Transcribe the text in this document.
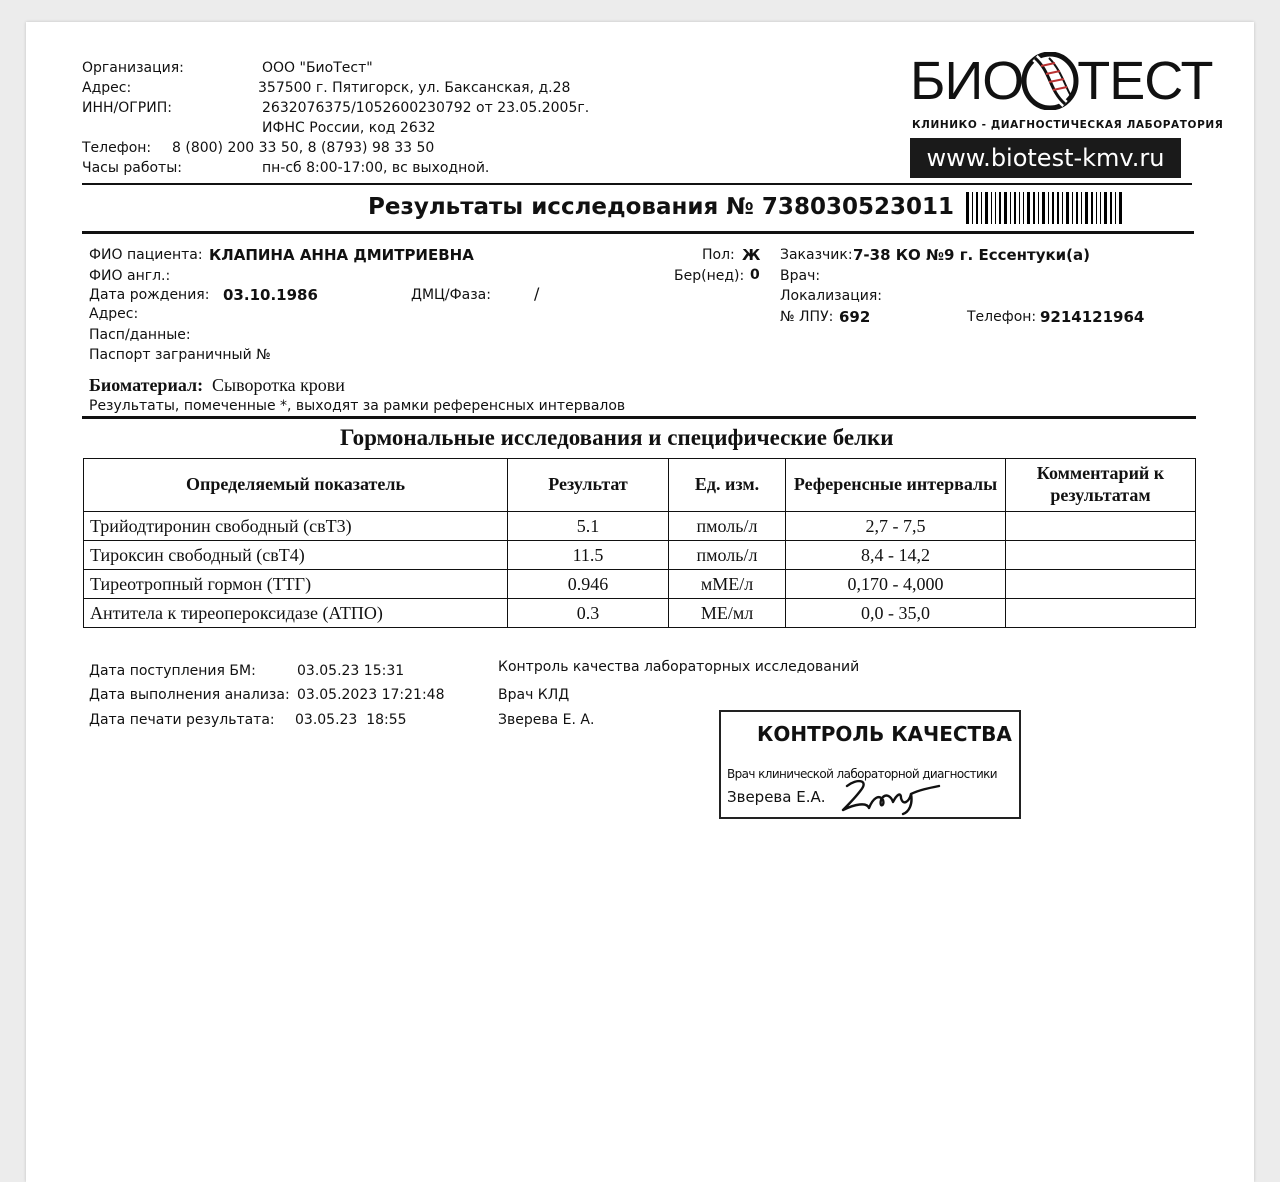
Организация:	ООО "БиоТест"
Адрес:	357500 г. Пятигорск, ул. Баксанская, д.28
ИНН/ОГРИП:	2632076375/1052600230792 от 23.05.2005г.
ИФНС России, код 2632
Телефон: 8 (800) 200 33 50, 8 (8793) 98 33 50
Часы работы:	пн-сб 8:00-17:00, вс выходной.
БИО ТЕСТ
КЛИНИКО - ДИАГНОСТИЧЕСКАЯ ЛАБОРАТОРИЯ
www.biotest-kmv.ru
Результаты исследования № 738030523011
ФИО пациента: КЛАПИНА АННА ДМИТРИЕВНА
ФИО англ.:
Дата рождения: 03.10.1986	ДМЦ/Фаза:	/
Адрес:
Пасп/данные:
Паспорт заграничный №
Пол: Ж
Бер(нед): 0
Заказчик: 7-38 КО №9 г. Ессентуки(а)
Врач:
Локализация:
№ ЛПУ: 692	Телефон: 9214121964
Биоматериал: Сыворотка крови
Результаты, помеченные *, выходят за рамки референсных интервалов
Гормональные исследования и специфические белки
Определяемый показатель	Результат	Ед. изм.	Референсные интервалы	Комментарий к результатам
Трийодтиронин свободный (свТ3)	5.1	пмоль/л	2,7 - 7,5	
Тироксин свободный (свТ4)	11.5	пмоль/л	8,4 - 14,2	
Тиреотропный гормон (ТТГ)	0.946	мМЕ/л	0,170 - 4,000	
Антитела к тиреопероксидазе (АТПО)	0.3	МЕ/мл	0,0 - 35,0	
Дата поступления БМ:	03.05.23 15:31
Дата выполнения анализа: 03.05.2023 17:21:48
Дата печати результата: 03.05.23  18:55
Контроль качества лабораторных исследований
Врач КЛД
Зверева Е. А.
КОНТРОЛЬ КАЧЕСТВА
Врач клинической лабораторной диагностики
Зверева Е.А.
